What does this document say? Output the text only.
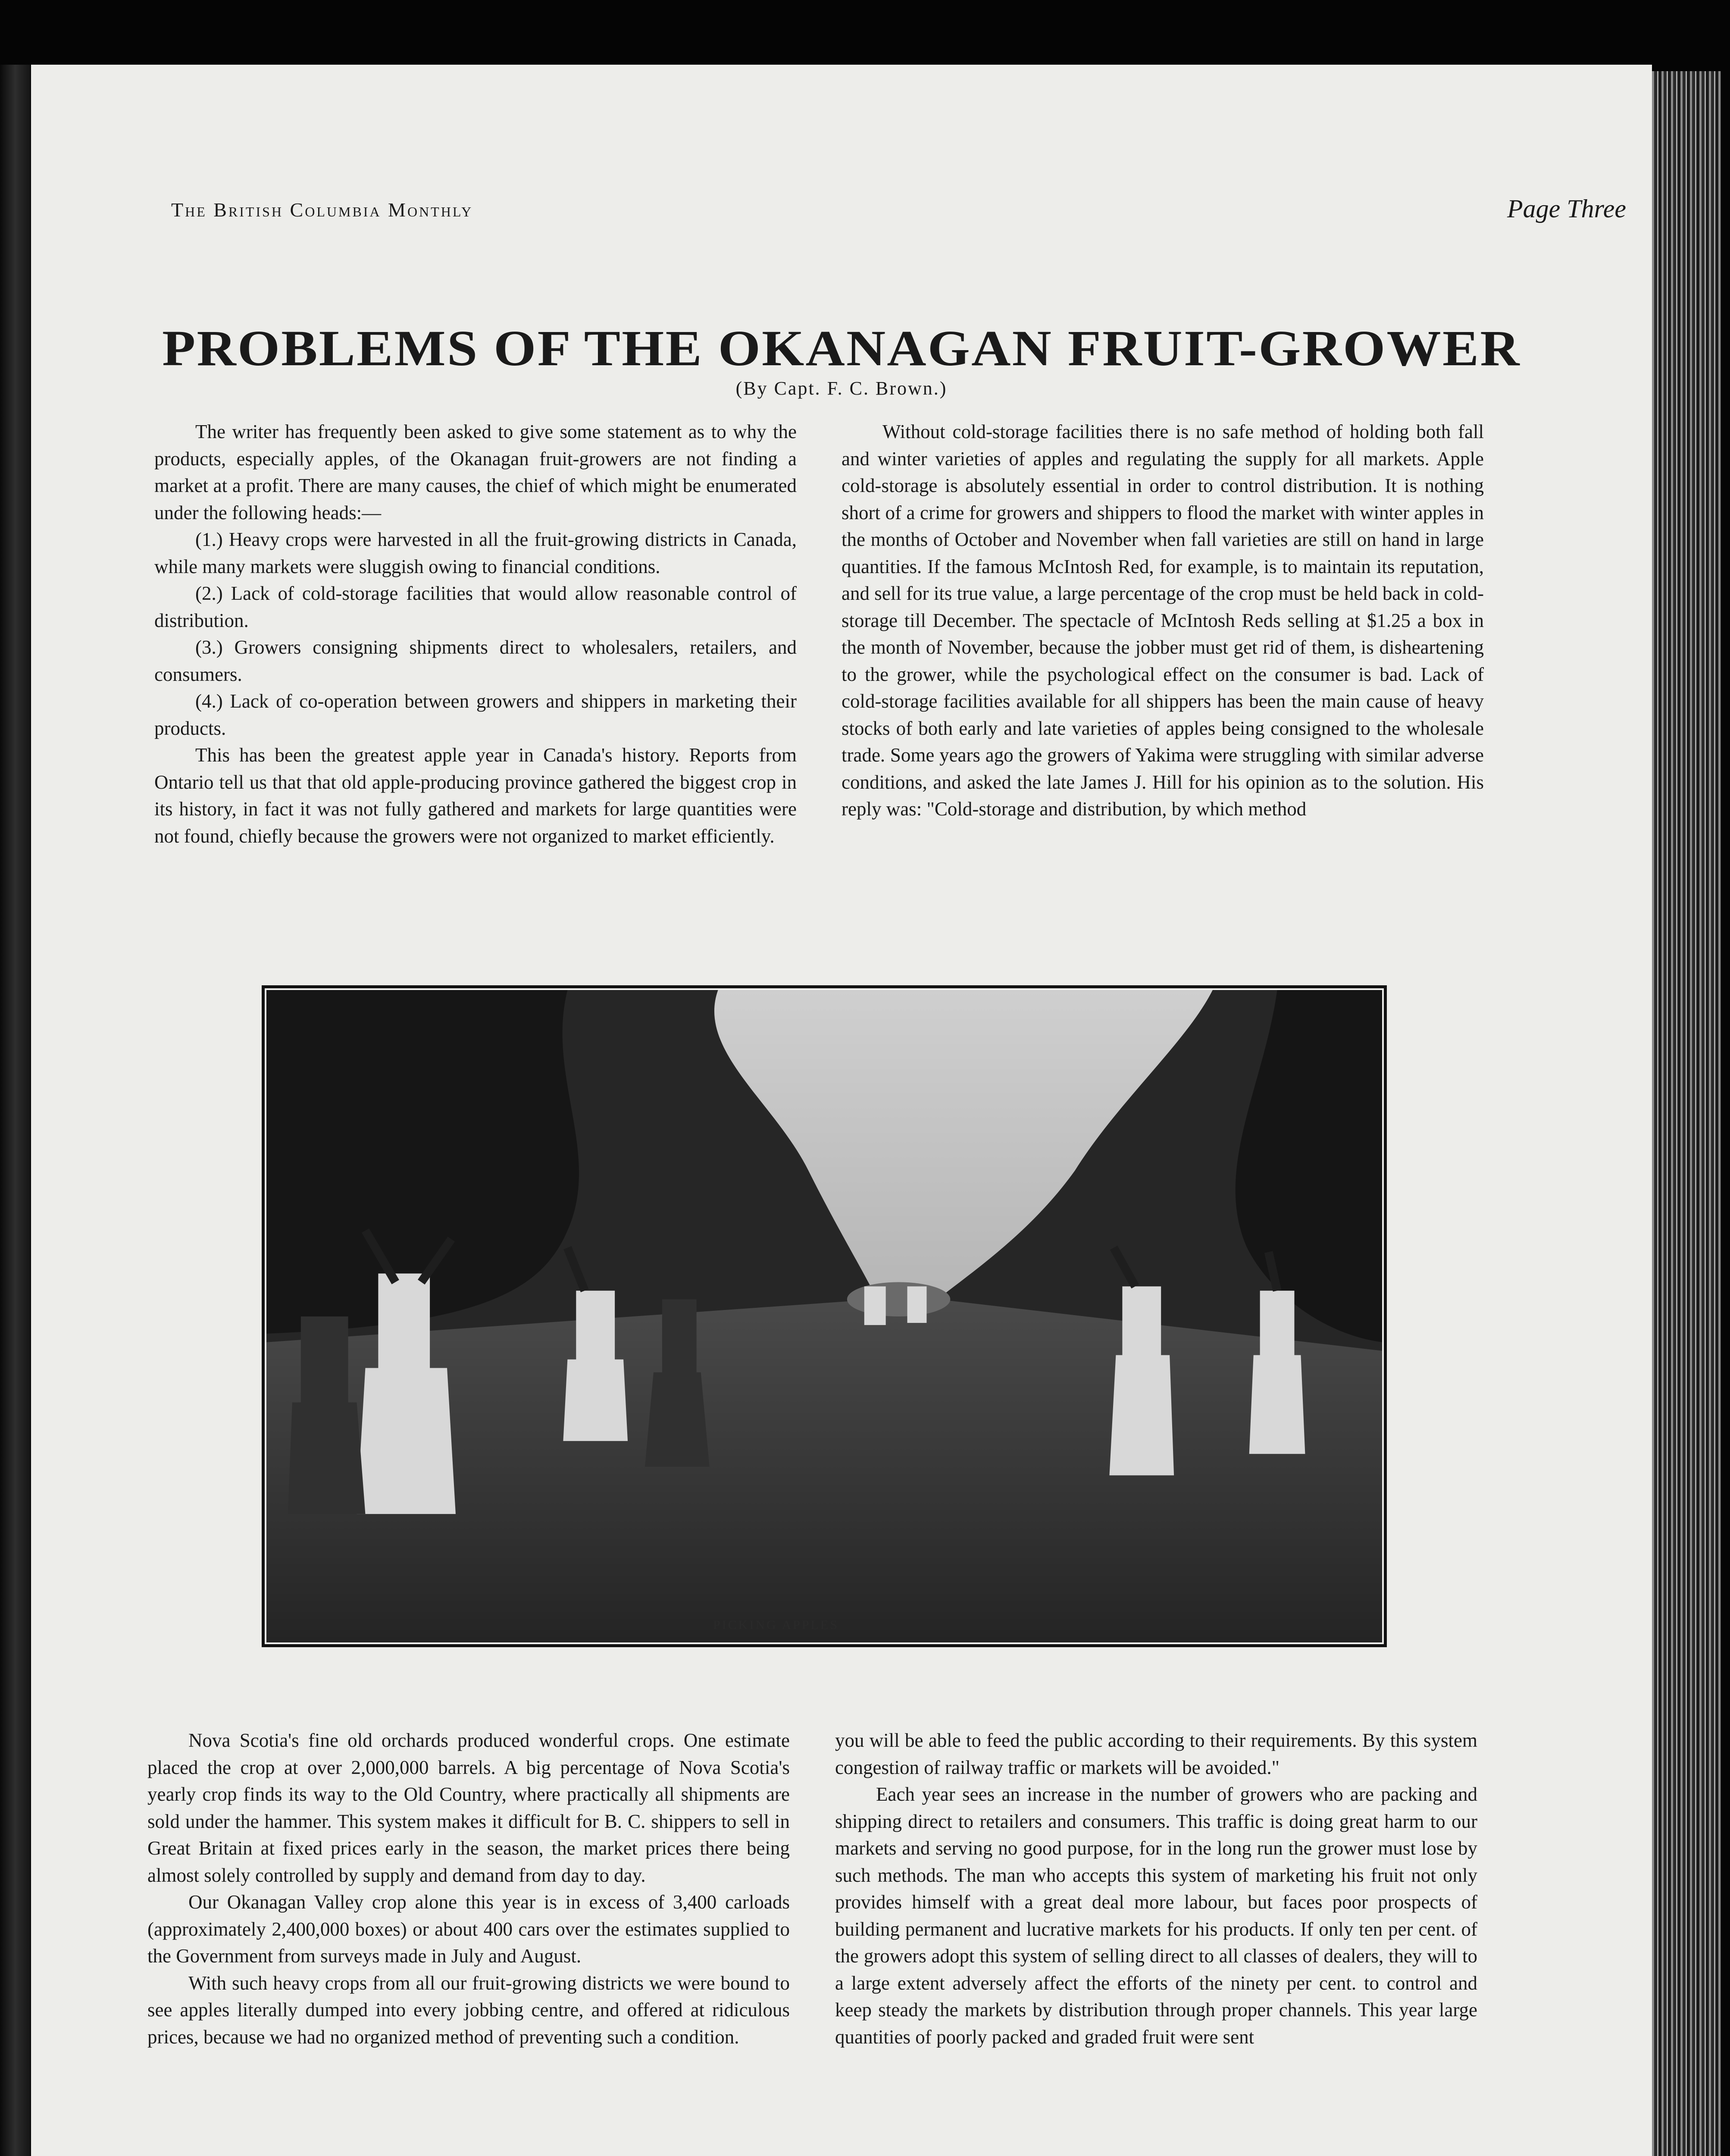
The British Columbia Monthly	Page Three
PROBLEMS OF THE OKANAGAN FRUIT-GROWER
(By Capt. F. C. Brown.)

The writer has frequently been asked to give some statement as to why the products, especially apples, of the Okanagan fruit-growers are not finding a market at a profit. There are many causes, the chief of which might be enumerated under the following heads:—

(1.) Heavy crops were harvested in all the fruit-growing districts in Canada, while many markets were sluggish owing to financial conditions.

(2.) Lack of cold-storage facilities that would allow reasonable control of distribution.

(3.) Growers consigning shipments direct to wholesalers, retailers, and consumers.

(4.) Lack of co-operation between growers and shippers in marketing their products.

This has been the greatest apple year in Canada's history. Reports from Ontario tell us that that old apple-producing province gathered the biggest crop in its history, in fact it was not fully gathered and markets for large quantities were not found, chiefly because the growers were not organized to market efficiently.

Without cold-storage facilities there is no safe method of holding both fall and winter varieties of apples and regulating the supply for all markets. Apple cold-storage is absolutely essential in order to control distribution. It is nothing short of a crime for growers and shippers to flood the market with winter apples in the months of October and November when fall varieties are still on hand in large quantities. If the famous McIntosh Red, for example, is to maintain its reputation, and sell for its true value, a large percentage of the crop must be held back in cold-storage till December. The spectacle of McIntosh Reds selling at $1.25 a box in the month of November, because the jobber must get rid of them, is disheartening to the grower, while the psychological effect on the consumer is bad. Lack of cold-storage facilities available for all shippers has been the main cause of heavy stocks of both early and late varieties of apples being consigned to the wholesale trade. Some years ago the growers of Yakima were struggling with similar adverse conditions, and asked the late James J. Hill for his opinion as to the solution. His reply was: "Cold-storage and distribution, by which method

PICKING APPLES

Nova Scotia's fine old orchards produced wonderful crops. One estimate placed the crop at over 2,000,000 barrels. A big percentage of Nova Scotia's yearly crop finds its way to the Old Country, where practically all shipments are sold under the hammer. This system makes it difficult for B. C. shippers to sell in Great Britain at fixed prices early in the season, the market prices there being almost solely controlled by supply and demand from day to day.

Our Okanagan Valley crop alone this year is in excess of 3,400 carloads (approximately 2,400,000 boxes) or about 400 cars over the estimates supplied to the Government from surveys made in July and August.

With such heavy crops from all our fruit-growing districts we were bound to see apples literally dumped into every jobbing centre, and offered at ridiculous prices, because we had no organized method of preventing such a condition.

you will be able to feed the public according to their requirements. By this system congestion of railway traffic or markets will be avoided."

Each year sees an increase in the number of growers who are packing and shipping direct to retailers and consumers. This traffic is doing great harm to our markets and serving no good purpose, for in the long run the grower must lose by such methods. The man who accepts this system of marketing his fruit not only provides himself with a great deal more labour, but faces poor prospects of building permanent and lucrative markets for his products. If only ten per cent. of the growers adopt this system of selling direct to all classes of dealers, they will to a large extent adversely affect the efforts of the ninety per cent. to control and keep steady the markets by distribution through proper channels. This year large quantities of poorly packed and graded fruit were sent
